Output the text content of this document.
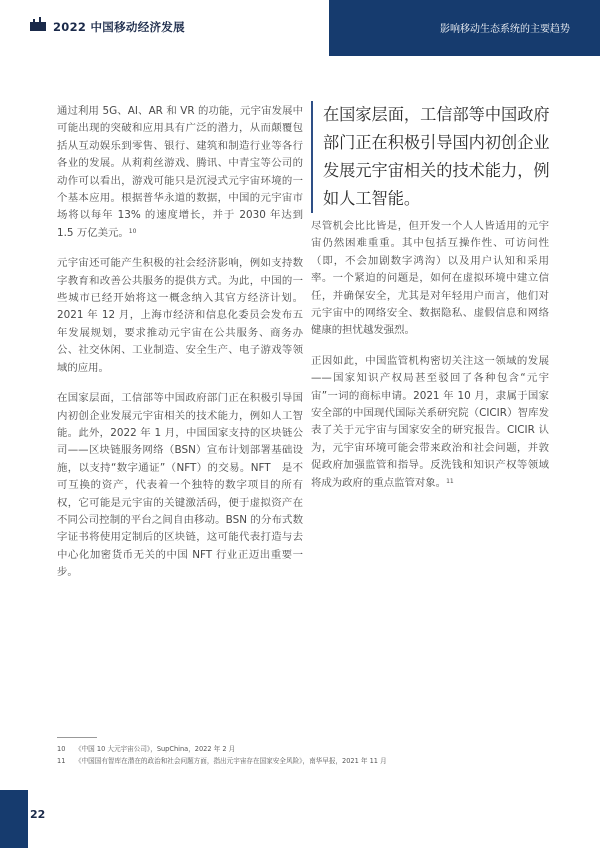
2022 中国移动经济发展	影响移动生态系统的主要趋势

通过利用 5G、AI、AR 和 VR 的功能，元宇宙发展中可能出现的突破和应用具有广泛的潜力，从而颠覆包括从互动娱乐到零售、银行、建筑和制造行业等各行各业的发展。从莉莉丝游戏、腾讯、中青宝等公司的动作可以看出，游戏可能只是沉浸式元宇宙环境的一个基本应用。根据普华永道的数据，中国的元宇宙市场将以每年 13% 的速度增长，并于 2030 年达到 1.5 万亿美元。$^{10}$

元宇宙还可能产生积极的社会经济影响，例如支持数字教育和改善公共服务的提供方式。为此，中国的一些城市已经开始将这一概念纳入其官方经济计划。2021 年 12 月，上海市经济和信息化委员会发布五年发展规划，要求推动元宇宙在公共服务、商务办公、社交休闲、工业制造、安全生产、电子游戏等领域的应用。

在国家层面，工信部等中国政府部门正在积极引导国内初创企业发展元宇宙相关的技术能力，例如人工智能。此外，2022 年 1 月，中国国家支持的区块链公司——区块链服务网络（BSN）宣布计划部署基础设施，以支持“数字通证”（NFT）的交易。NFT　是不可互换的资产，代表着一个独特的数字项目的所有权，它可能是元宇宙的关键激活码，便于虚拟资产在不同公司控制的平台之间自由移动。BSN 的分布式数字证书将使用定制后的区块链，这可能代表打造与去中心化加密货币无关的中国 NFT 行业正迈出重要一步。

在国家层面，工信部等中国政府部门正在积极引导国内初创企业发展元宇宙相关的技术能力，例如人工智能。

尽管机会比比皆是，但开发一个人人皆适用的元宇宙仍然困难重重。其中包括互操作性、可访问性（即，不会加剧数字鸿沟）以及用户认知和采用率。一个紧迫的问题是，如何在虚拟环境中建立信任，并确保安全，尤其是对年轻用户而言，他们对元宇宙中的网络安全、数据隐私、虚假信息和网络健康的担忧越发强烈。

正因如此，中国监管机构密切关注这一领域的发展——国家知识产权局甚至驳回了各种包含“元宇宙”一词的商标申请。2021 年 10 月，隶属于国家安全部的中国现代国际关系研究院（CICIR）智库发表了关于元宇宙与国家安全的研究报告。CICIR 认为，元宇宙环境可能会带来政治和社会问题，并敦促政府加强监管和指导。反洗钱和知识产权等领域将成为政府的重点监管对象。$^{11}$

10	《中国 10 大元宇宙公司》，SupChina，2022 年 2 月
11	《中国国有智库在潜在的政治和社会问题方面，指出元宇宙存在国家安全风险》，南华早报，2021 年 11 月
22
